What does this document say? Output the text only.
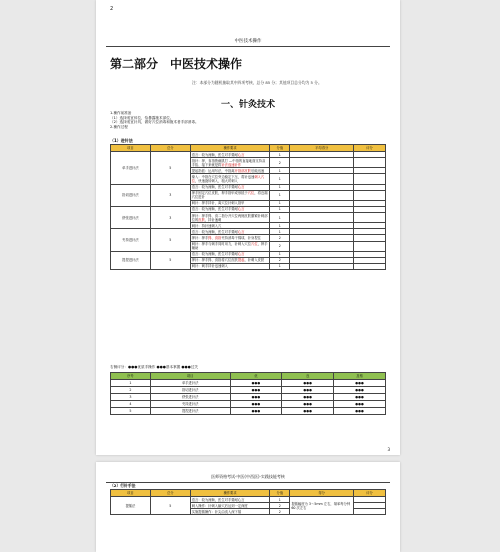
2
中医技术操作
第二部分 中医技术操作
注：本部分为随机抽取其中四项考核，总分 85 分；其他项目总分均为 5 分。
一、针灸技术
1.操作前准备
（1）选择适宜体位，恰暴露施术部位。
（2）选择适宜针具，做好穴位消毒和施术者手部消毒。
2.操作过程
（1）进针法
项目	总分	操作要求	分值	平均得分	评分
单手进针法	5	语言：较为流畅，医生对手要耐心言	1		
		指针：押，食指拨截肌打 —中指的直接地面支持双手掐、接下来就是将针法选速针作	2		
		提起指派：运用写法，中指离开指部皮肤后能迅速	1		
		缘入：中指在穴位旁边稳定下压，将针迅速刺入穴位，快速旋转刺入，粗大时刺入	1		
指切进针法	3	语言：较为流畅，医生对手要耐心言	1		
		押手固定穴位皮肤，押手指甲成形抵于穴位，将近端穴位进针	1		
		刺针：押手持针，离穴位针刺入指甲	1		
舒张进针法	3	语言：较为流畅，医生对手要耐心言	1		
		押针：押手拇、食二指分开穴位两侧皮肤绷紧针刺部位的皮肤，持针速刺	1		
		刺针：持针速刺入穴	1		
夹持进针法	5	语言：较为流畅，医生对手要耐心言	1		
		押针：押手拇、食指夹持消毒干棉球，针身捏住	2		
		刺针：押手与刺手同时用力，针刺入穴位穴位，押手辅助	2		
提捏进针法	5	语言：较为流畅，医生对手要耐心言	1		
		押针：押手拇、食指将穴位皮肤提起，针刺入皮肤	2		
		刺针：刺手持针迅速刺入	1		
右侧评分：●●●优质手操作 ●●●基本掌握 ●●●过关
序号	项目	优	良	及格
1	单手进针法	●●●	●●●	●●●
2	指切进针法	●●●	●●●	●●●
3	舒张进针法	●●●	●●●	●●●
4	夹持进针法	●●●	●●●	●●●
5	提捏进针法	●●●	●●●	●●●
3
医师资格考试·中医(中西医)·实践技能考核
（2）行针手法
项目	总分	操作要求	分值	得分	评分
提插法	5	语言：较为流畅，医生对手要耐心言	1	提插幅度为 3～5mm 左右，频率每分钟 60 次左右	
		刺入操作：针刺入腧穴后达到一定深度	2		
		实施提插操作：针尖由浅入深下插	2		
